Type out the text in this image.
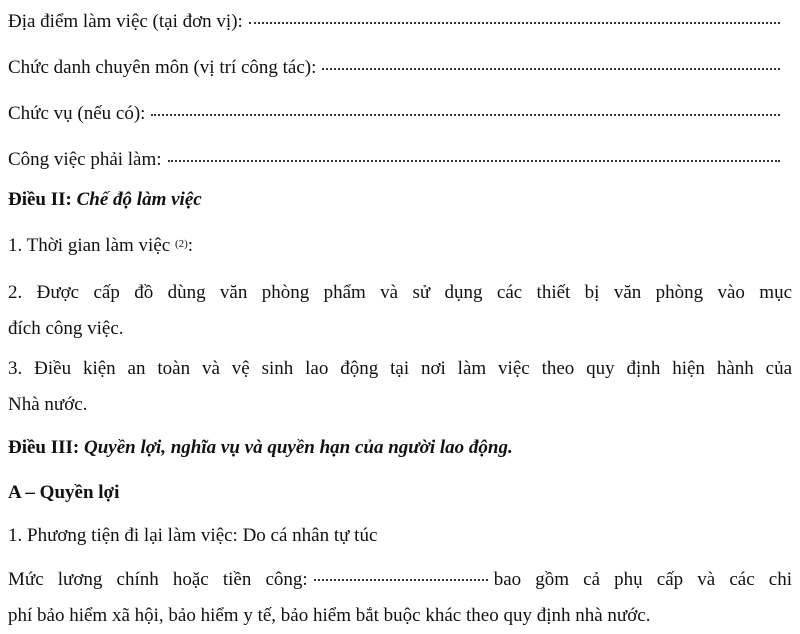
Địa điểm làm việc (tại đơn vị):
Chức danh chuyên môn (vị trí công tác):
Chức vụ (nếu có):
Công việc phải làm:
Điều II: Chế độ làm việc
1. Thời gian làm việc $^{(2)}$:
2. Được cấp đồ dùng văn phòng phẩm và sử dụng các thiết bị văn phòng vào mục
đích công việc.
3. Điều kiện an toàn và vệ sinh lao động tại nơi làm việc theo quy định hiện hành của
Nhà nước.
Điều III: Quyền lợi, nghĩa vụ và quyền hạn của người lao động.
A – Quyền lợi
1. Phương tiện đi lại làm việc: Do cá nhân tự túc
Mức lương chính hoặc tiền công:	bao gồm cả phụ cấp và các chi
phí bảo hiểm xã hội, bảo hiểm y tế, bảo hiểm bắt buộc khác theo quy định nhà nước.
